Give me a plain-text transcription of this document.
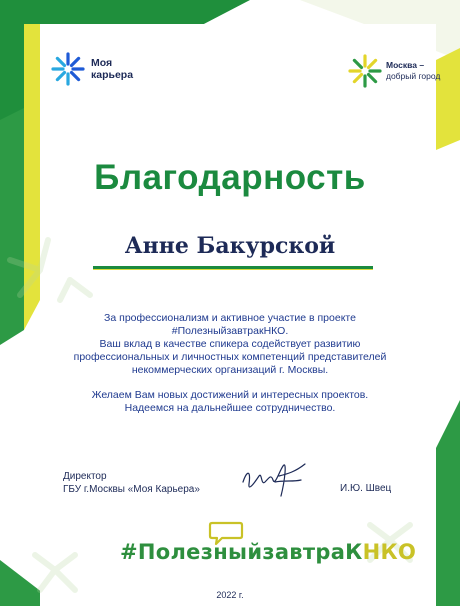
Моя
карьера
Москва –
добрый город
Благодарность
Анне Бакурской

За профессионализм и активное участие в проекте

#ПолезныйзавтракНКО.

Ваш вклад в качестве спикера содействует развитию

профессиональных и личностных компетенций представителей

некоммерческих организаций г. Москвы.

Желаем Вам новых достижений и интересных проектов.

Надеемся на дальнейшее сотрудничество.

Директор
ГБУ г.Москвы «Моя Карьера»	И.Ю. Швец
#ПолезныйзавтраКНКО
2022 г.
